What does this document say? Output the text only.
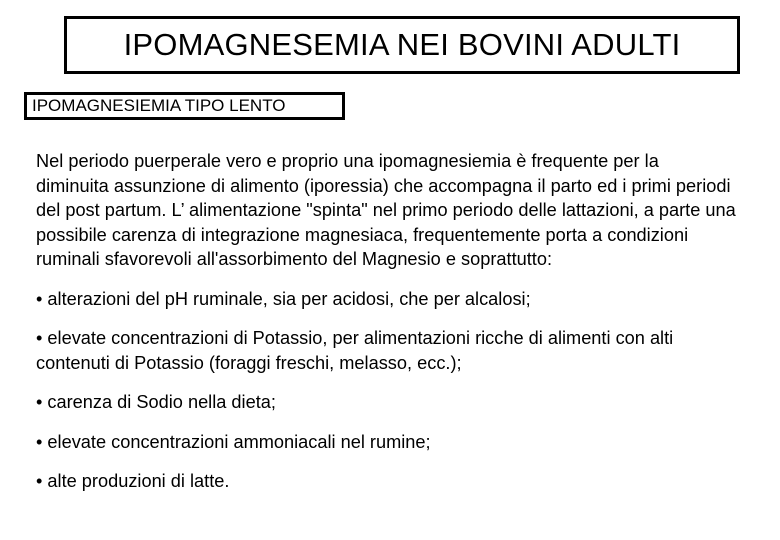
IPOMAGNESEMIA NEI BOVINI ADULTI
IPOMAGNESIEMIA TIPO LENTO

Nel periodo puerperale vero e proprio una ipomagnesiemia è frequente per la diminuita assunzione di alimento (iporessia) che accompagna il parto ed i primi periodi del post partum. L’ alimentazione "spinta" nel primo periodo delle lattazioni, a parte una possibile carenza di integrazione magnesiaca, frequentemente porta a condizioni ruminali sfavorevoli all'assorbimento del Magnesio e soprattutto:

• alterazioni del pH ruminale, sia per acidosi, che per alcalosi;

• elevate concentrazioni di Potassio, per alimentazioni ricche di alimenti con alti contenuti di Potassio (foraggi freschi, melasso, ecc.);

• carenza di Sodio nella dieta;

• elevate concentrazioni ammoniacali nel rumine;

• alte produzioni di latte.
